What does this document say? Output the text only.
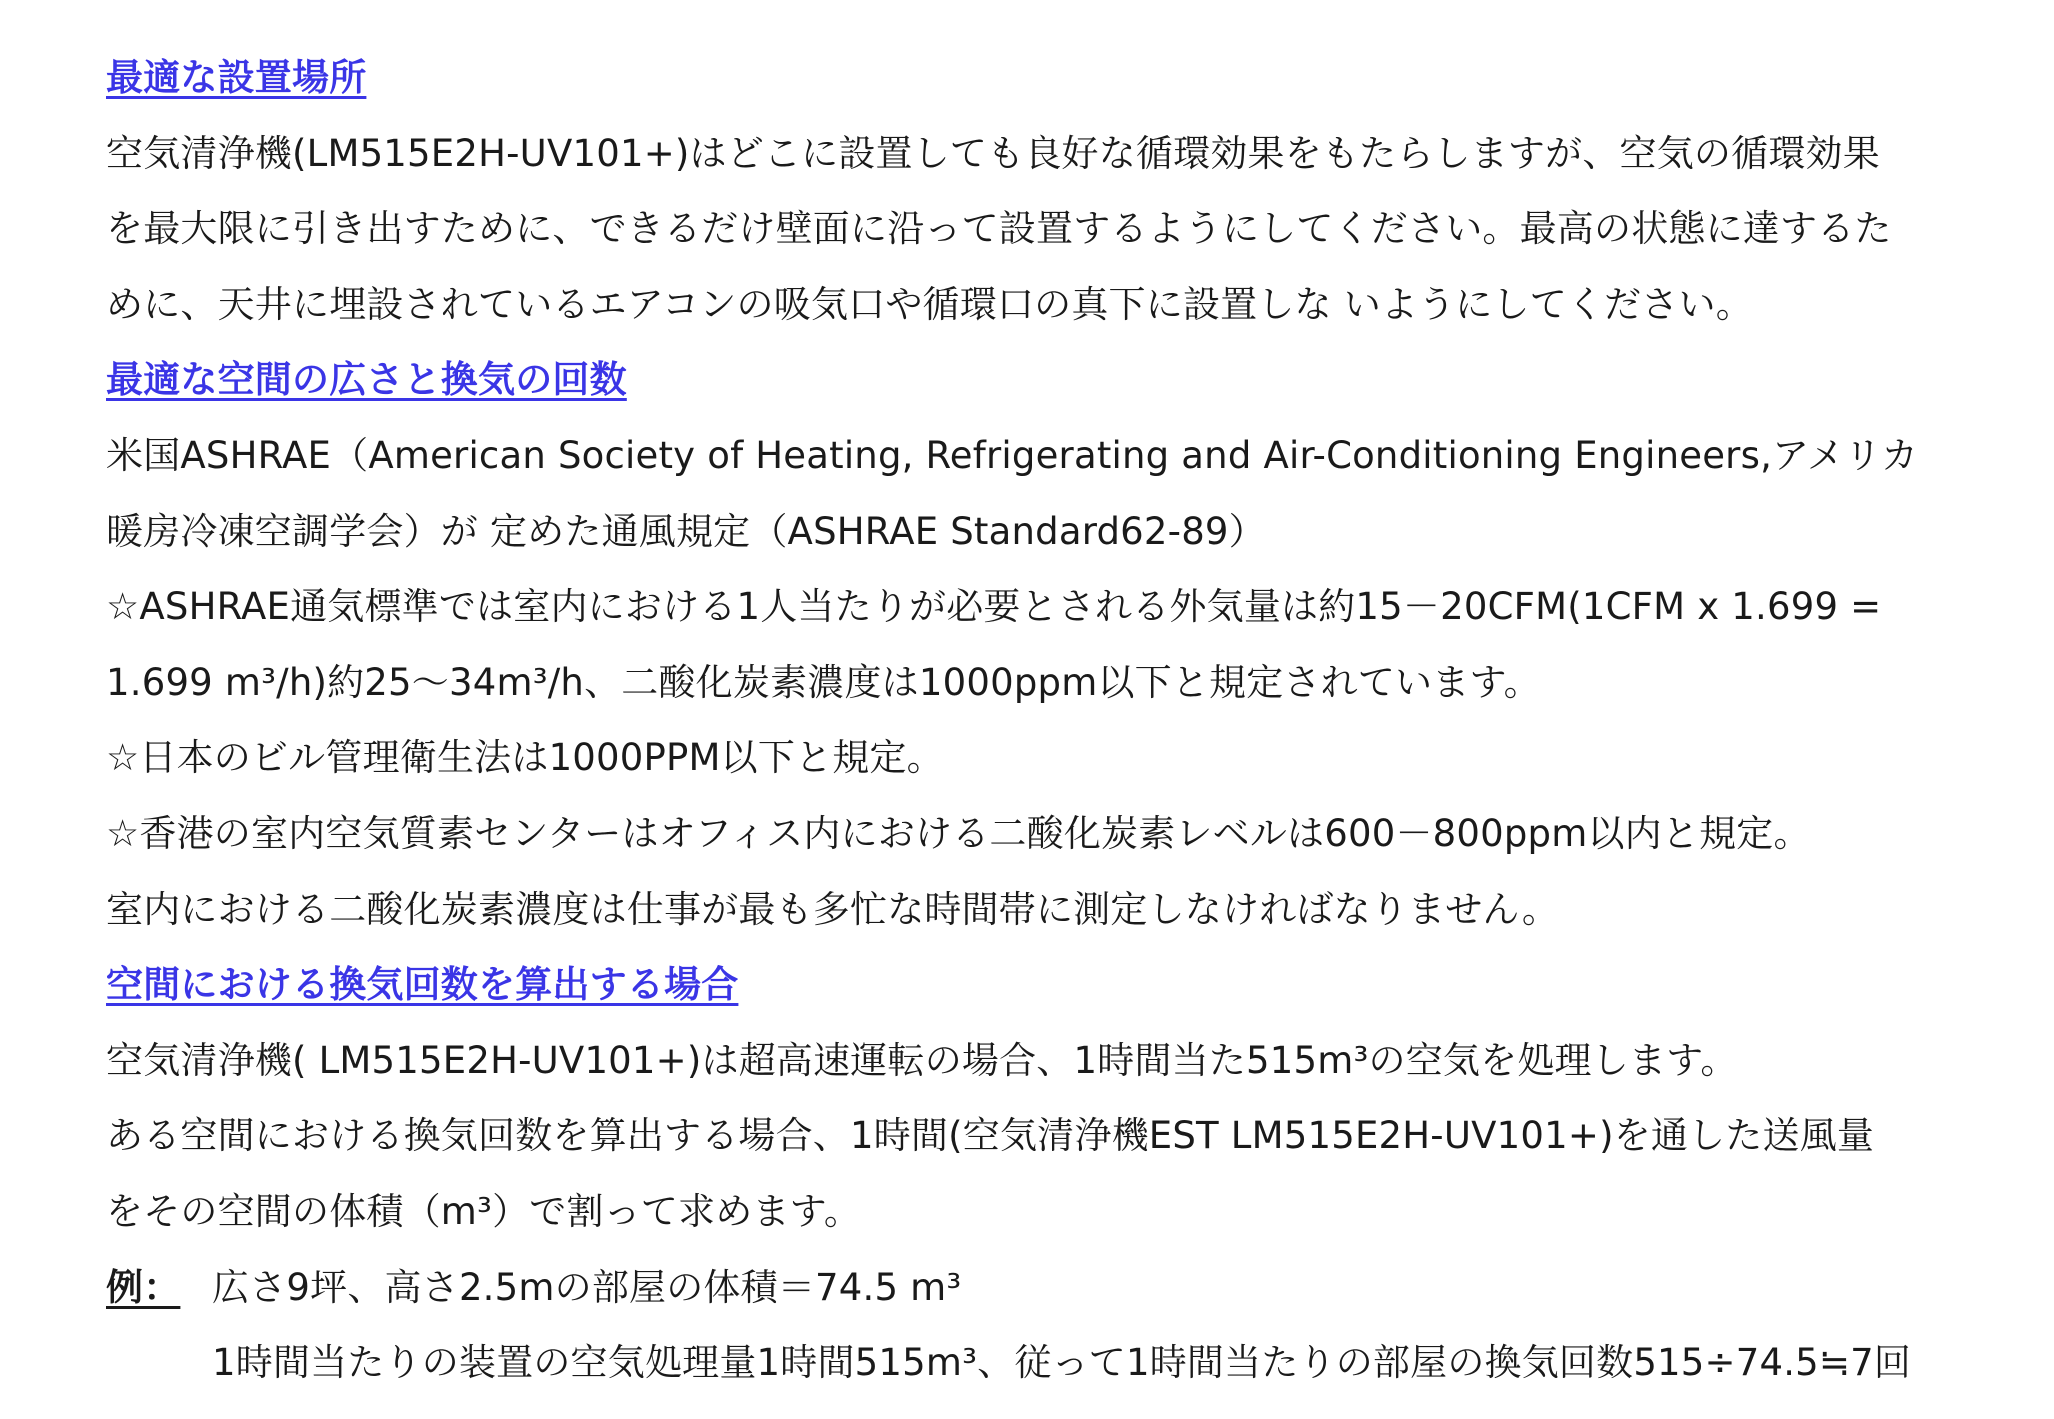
最適な設置場所
空気清浄機(LM515E2H-UV101+)はどこに設置しても良好な循環効果をもたらしますが、空気の循環効果
を最大限に引き出すために、できるだけ壁面に沿って設置するようにしてください。最高の状態に達するた
めに、天井に埋設されているエアコンの吸気口や循環口の真下に設置しな いようにしてください。
最適な空間の広さと換気の回数
米国ASHRAE（American Society of Heating, Refrigerating and Air-Conditioning Engineers,アメリカ
暖房冷凍空調学会）が 定めた通風規定（ASHRAE Standard62-89）
☆ASHRAE通気標準では室内における1人当たりが必要とされる外気量は約15－20CFM(1CFM x 1.699 =
1.699 m³/h)約25～34m³/h、二酸化炭素濃度は1000ppm以下と規定されています。
☆日本のビル管理衛生法は1000PPM以下と規定。
☆香港の室内空気質素センターはオフィス内における二酸化炭素レベルは600－800ppm以内と規定。
室内における二酸化炭素濃度は仕事が最も多忙な時間帯に測定しなければなりません。
空間における換気回数を算出する場合
空気清浄機( LM515E2H-UV101+)は超高速運転の場合、1時間当た515m³の空気を処理します。
ある空間における換気回数を算出する場合、1時間(空気清浄機EST LM515E2H-UV101+)を通した送風量
をその空間の体積（m³）で割って求めます。
例： 広さ9坪、高さ2.5mの部屋の体積＝74.5 m³
1時間当たりの装置の空気処理量1時間515m³、従って1時間当たりの部屋の換気回数515÷74.5≒7回
